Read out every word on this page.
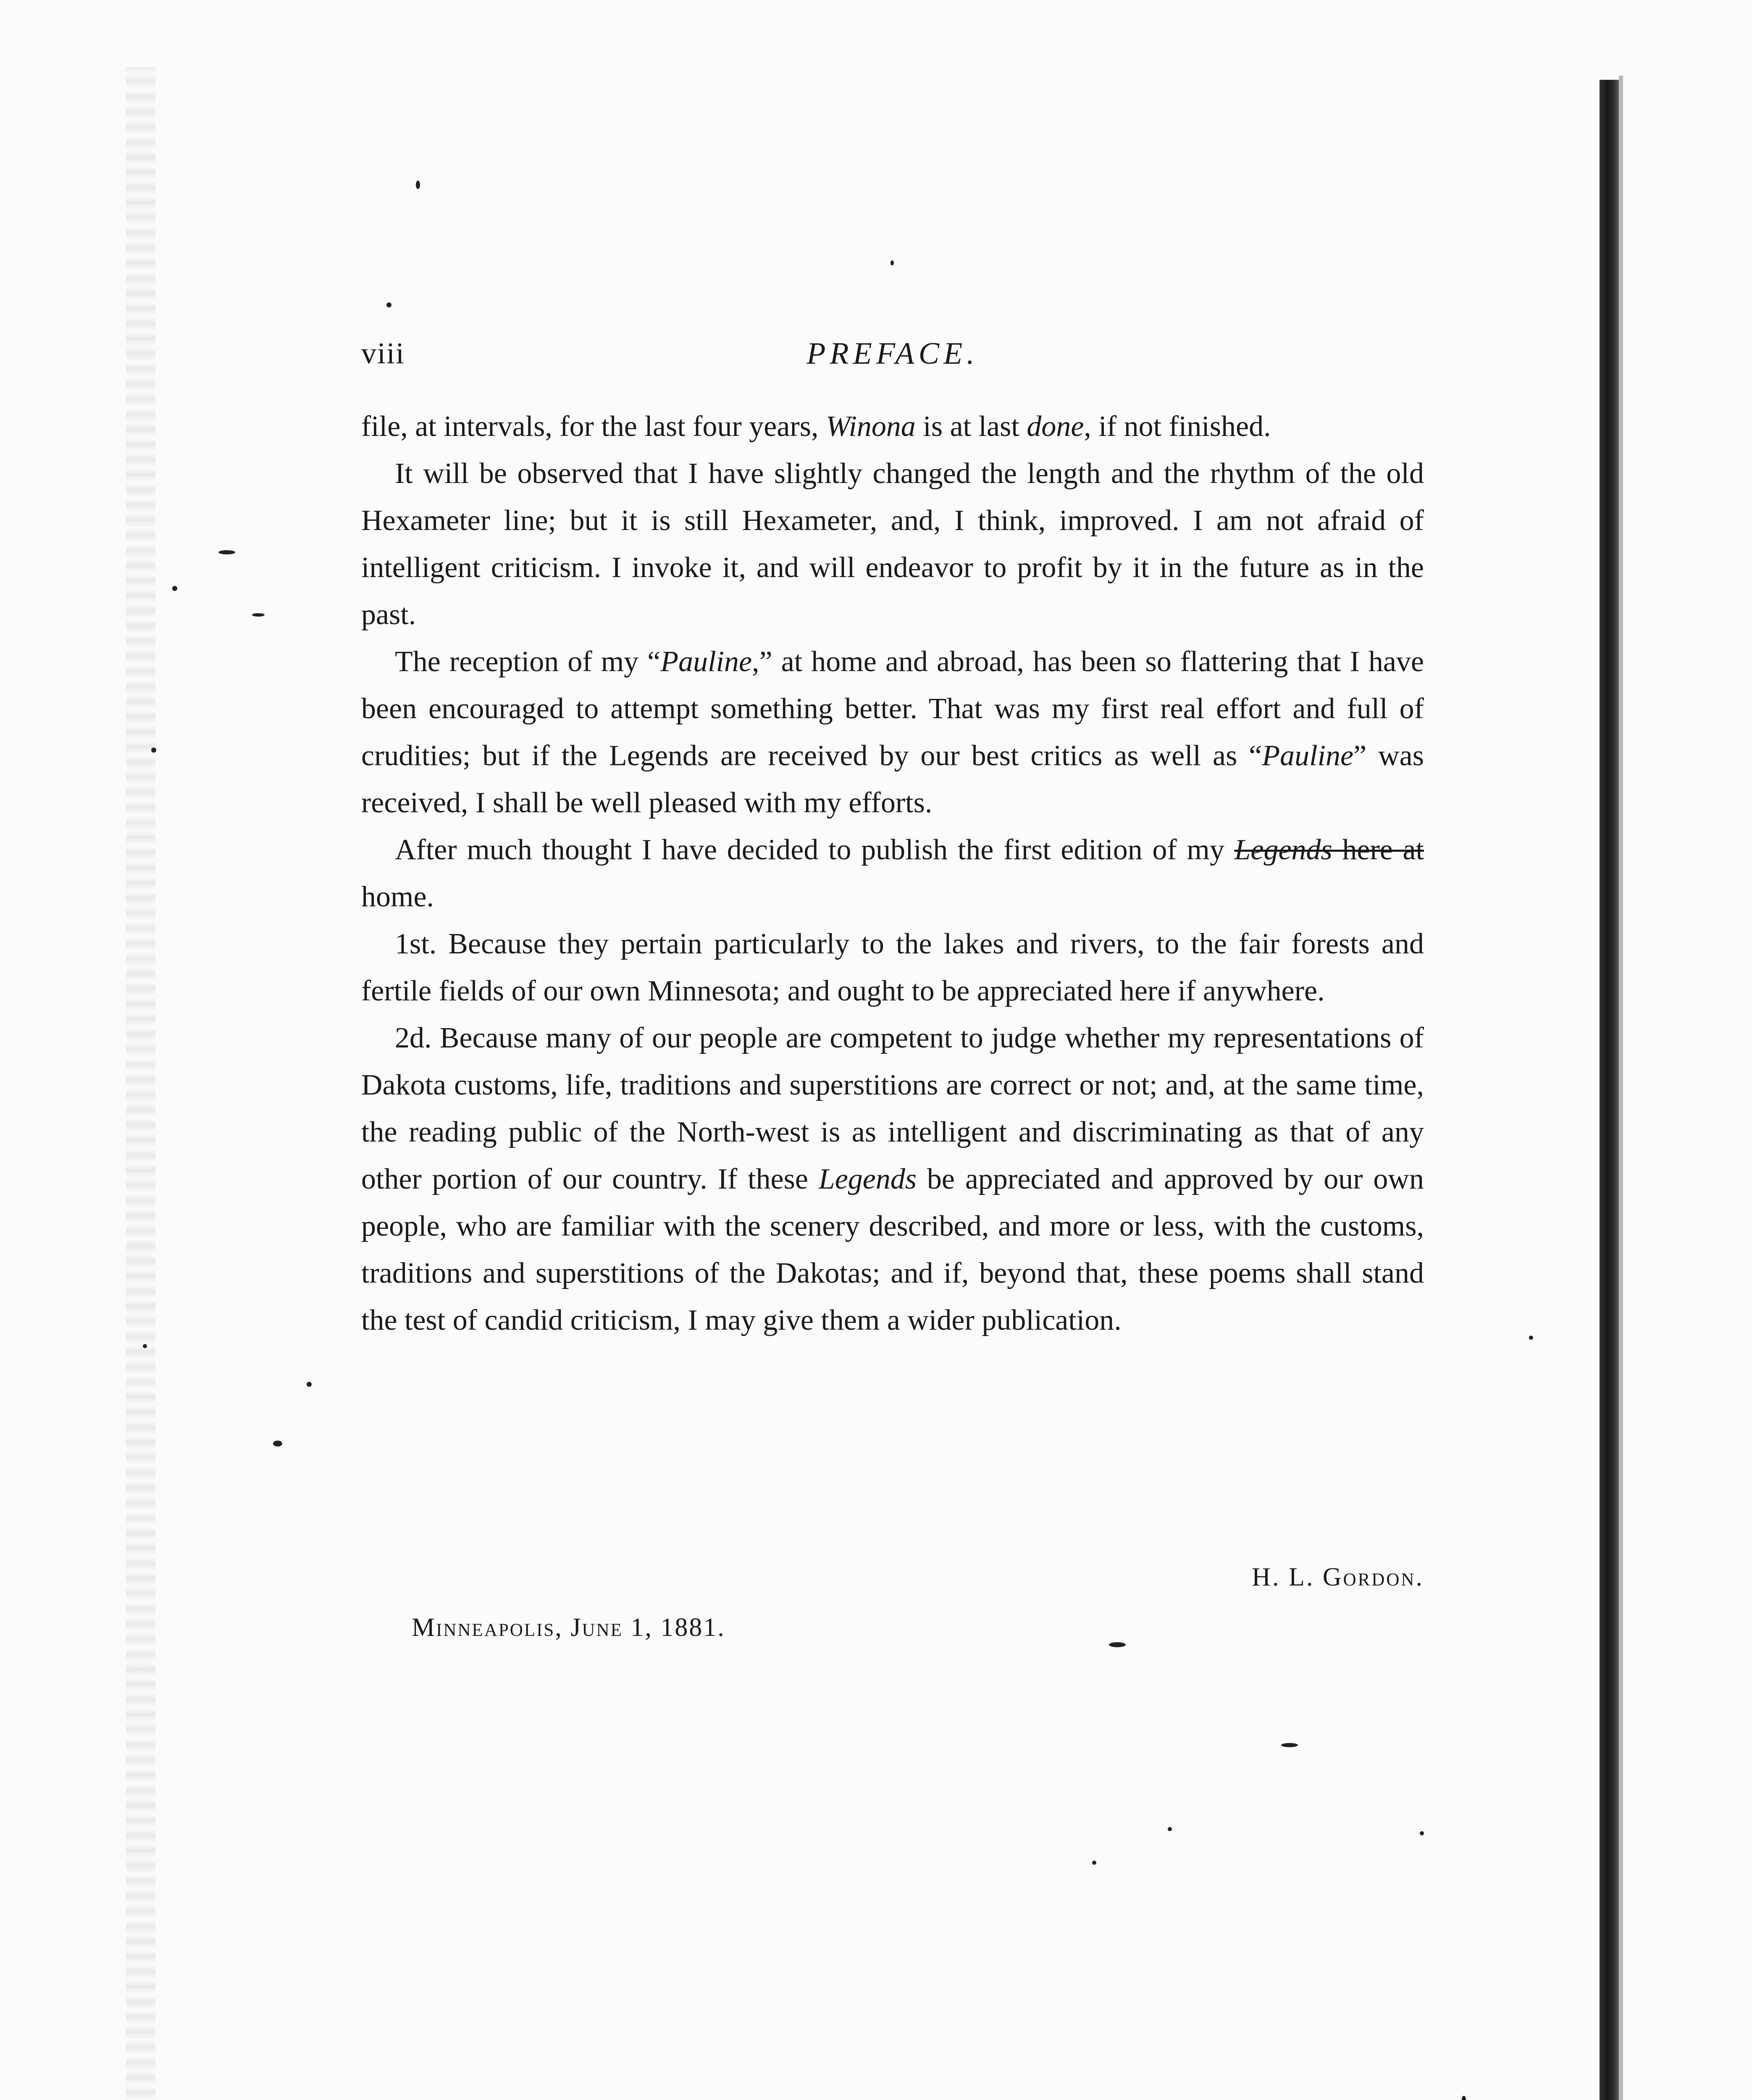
viii	PREFACE.

file, at intervals, for the last four years, Winona is at last done, if not finished.

It will be observed that I have slightly changed the length and the rhythm of the old Hexameter line; but it is still Hexameter, and, I think, improved. I am not afraid of intelligent criticism. I invoke it, and will endeavor to profit by it in the future as in the past.

The reception of my “Pauline,” at home and abroad, has been so flattering that I have been encouraged to attempt something better. That was my first real effort and full of crudities; but if the Legends are received by our best critics as well as “Pauline” was received, I shall be well pleased with my efforts.

After much thought I have decided to publish the first edition of my Legends here at home.

1st. Because they pertain particularly to the lakes and rivers, to the fair forests and fertile fields of our own Minnesota; and ought to be appreciated here if anywhere.

2d. Because many of our people are competent to judge whether my representations of Dakota customs, life, traditions and superstitions are correct or not; and, at the same time, the reading public of the North-west is as intelligent and discriminating as that of any other portion of our country. If these Legends be appreciated and approved by our own people, who are familiar with the scenery described, and more or less, with the customs, traditions and superstitions of the Dakotas; and if, beyond that, these poems shall stand the test of candid criticism, I may give them a wider publication.

H. L. Gordon.
Minneapolis, June 1, 1881.
